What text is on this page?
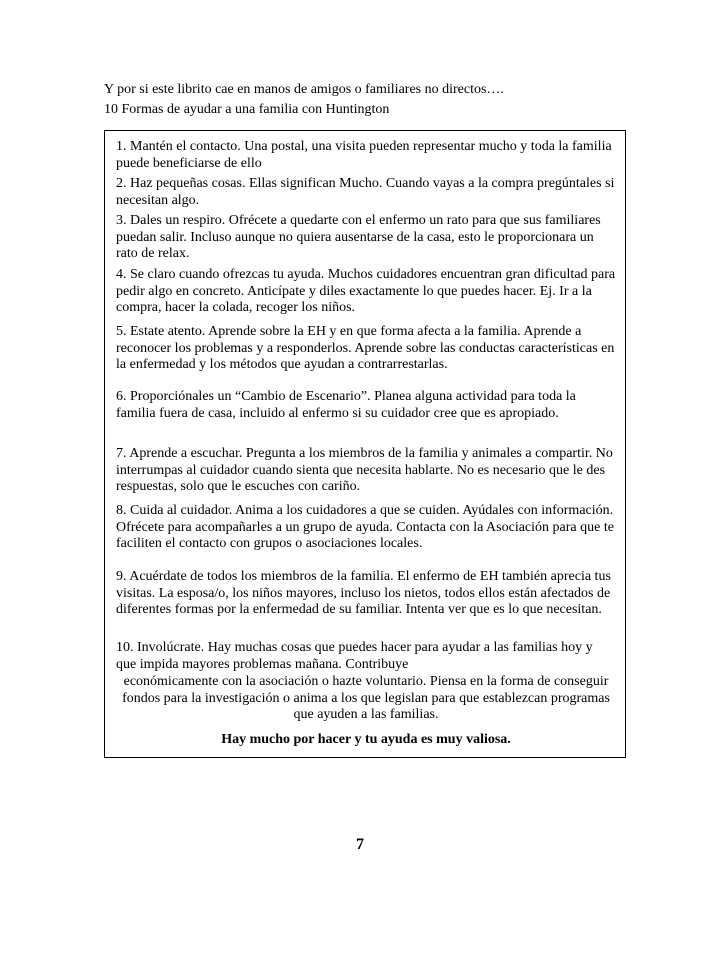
Y por si este librito cae en manos de amigos o familiares no directos….

10 Formas de ayudar a una familia con Huntington

1. Mantén el contacto. Una postal, una visita pueden representar mucho y toda la familia puede beneficiarse de ello

2. Haz pequeñas cosas. Ellas significan Mucho. Cuando vayas a la compra pregúntales si necesitan algo.

3. Dales un respiro. Ofrécete a quedarte con el enfermo un rato para que sus familiares puedan salir. Incluso aunque no quiera ausentarse de la casa, esto le proporcionara un rato de relax.

4. Se claro cuando ofrezcas tu ayuda. Muchos cuidadores encuentran gran dificultad para pedir algo en concreto. Anticípate y diles exactamente lo que puedes hacer. Ej. Ir a la compra, hacer la colada, recoger los niños.

5. Estate atento. Aprende sobre la EH y en que forma afecta a la familia. Aprende a reconocer los problemas y a responderlos. Aprende sobre las conductas características en la enfermedad y los métodos que ayudan a contrarrestarlas.

6. Proporciónales un “Cambio de Escenario”. Planea alguna actividad para toda la familia fuera de casa, incluido al enfermo si su cuidador cree que es apropiado.

7. Aprende a escuchar. Pregunta a los miembros de la familia y animales a compartir. No interrumpas al cuidador cuando sienta que necesita hablarte. No es necesario que le des respuestas, solo que le escuches con cariño.

8. Cuida al cuidador. Anima a los cuidadores a que se cuiden. Ayúdales con información. Ofrécete para acompañarles a un grupo de ayuda. Contacta con la Asociación para que te faciliten el contacto con grupos o asociaciones locales.

9. Acuérdate de todos los miembros de la familia. El enfermo de EH también aprecia tus visitas. La esposa/o, los niños mayores, incluso los nietos, todos ellos están afectados de diferentes formas por la enfermedad de su familiar. Intenta ver que es lo que necesitan.

10. Involúcrate. Hay muchas cosas que puedes hacer para ayudar a las familias hoy y que impida mayores problemas mañana. Contribuye

económicamente con la asociación o hazte voluntario. Piensa en la forma de conseguir fondos para la investigación o anima a los que legislan para que establezcan programas que ayuden a las familias.

Hay mucho por hacer y tu ayuda es muy valiosa.

7
